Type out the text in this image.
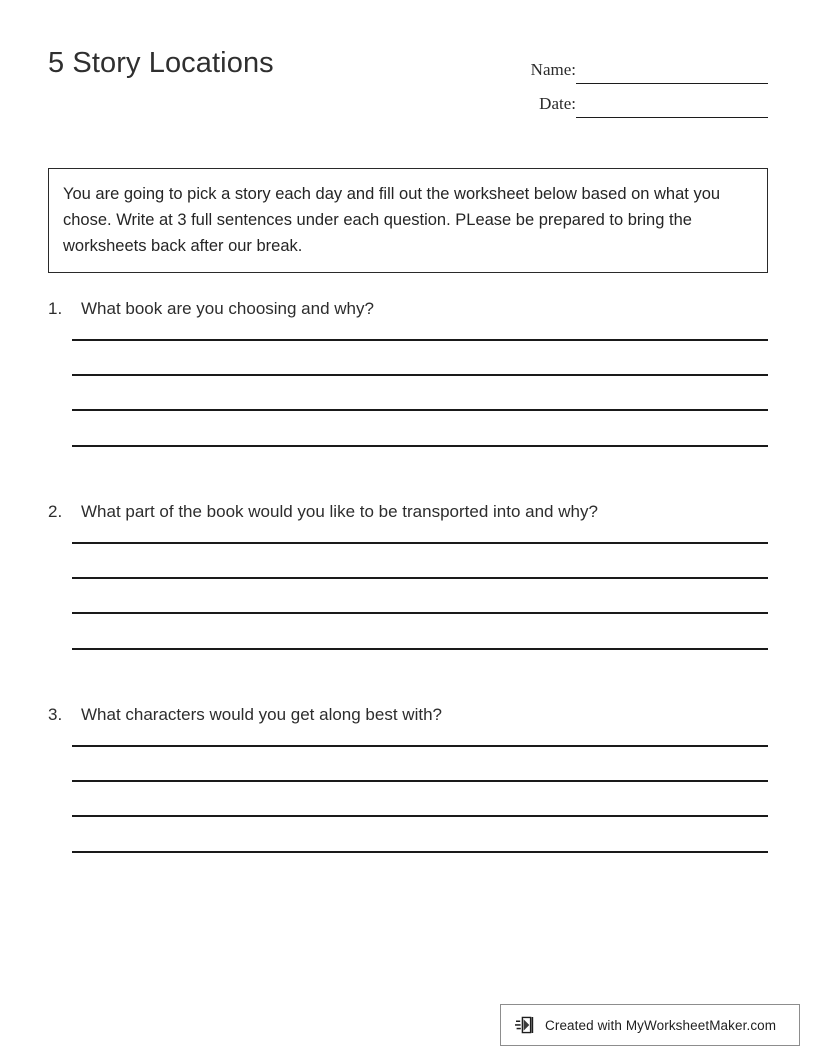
5 Story Locations	Name:
Date:

You are going to pick a story each day and fill out the worksheet below based on what you chose. Write at 3 full sentences under each question. PLease be prepared to bring the worksheets back after our break.

1.	What book are you choosing and why?
2.	What part of the book would you like to be transported into and why?
3.	What characters would you get along best with?
Created with MyWorksheetMaker.com
